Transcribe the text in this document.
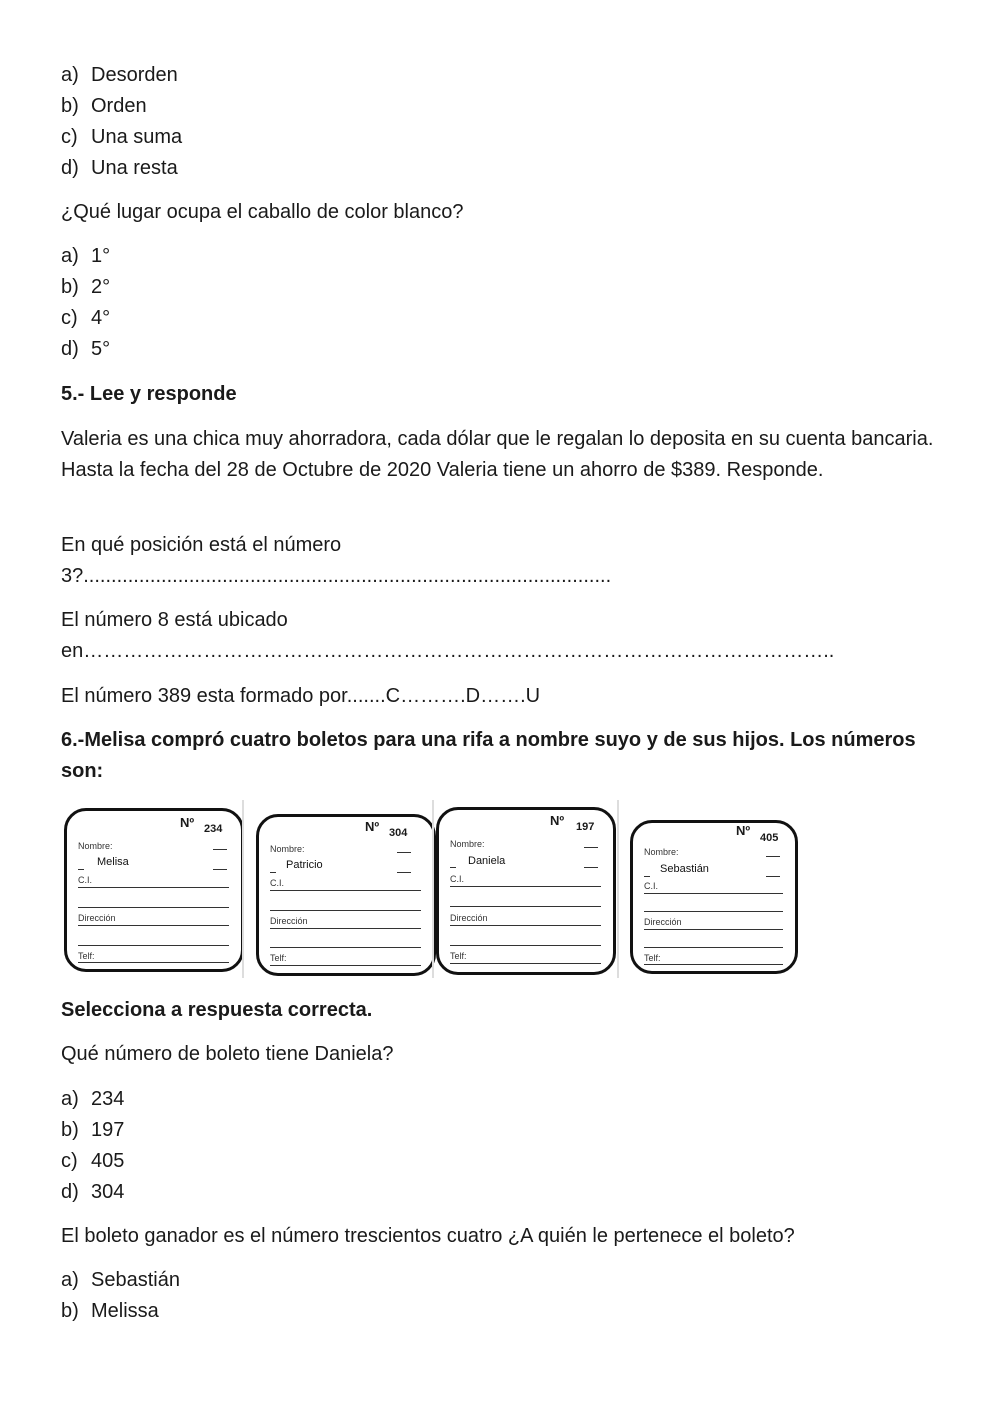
a) Desorden
b) Orden
c) Una suma
d) Una resta
¿Qué lugar ocupa el caballo de color blanco?
a) 1°
b) 2°
c) 4°
d) 5°
5.- Lee y responde
Valeria es una chica muy ahorradora, cada dólar que le regalan lo deposita en su cuenta bancaria. Hasta la fecha del 28 de Octubre de 2020 Valeria tiene un ahorro de $389. Responde.
En qué posición está el número
3?...............................................................................................
El número 8 está ubicado
en…………………………………………………………………………………………………..
El número 389 esta formado por.......C……….D…….U
6.-Melisa compró cuatro boletos para una rifa a nombre suyo y de sus hijos. Los números son:
Nº 234
Nombre:
Melisa
C.I.
Dirección
Telf:
Nº 304
Nombre:
Patricio
C.I.
Dirección
Telf:
Nº 197
Nombre:
Daniela
C.I.
Dirección
Telf:
Nº 405
Nombre:
Sebastián
C.I.
Dirección
Telf:
Selecciona a respuesta correcta.
Qué número de boleto tiene Daniela?
a) 234
b) 197
c) 405
d) 304
El boleto ganador es el número trescientos cuatro ¿A quién le pertenece el boleto?
a) Sebastián
b) Melissa
